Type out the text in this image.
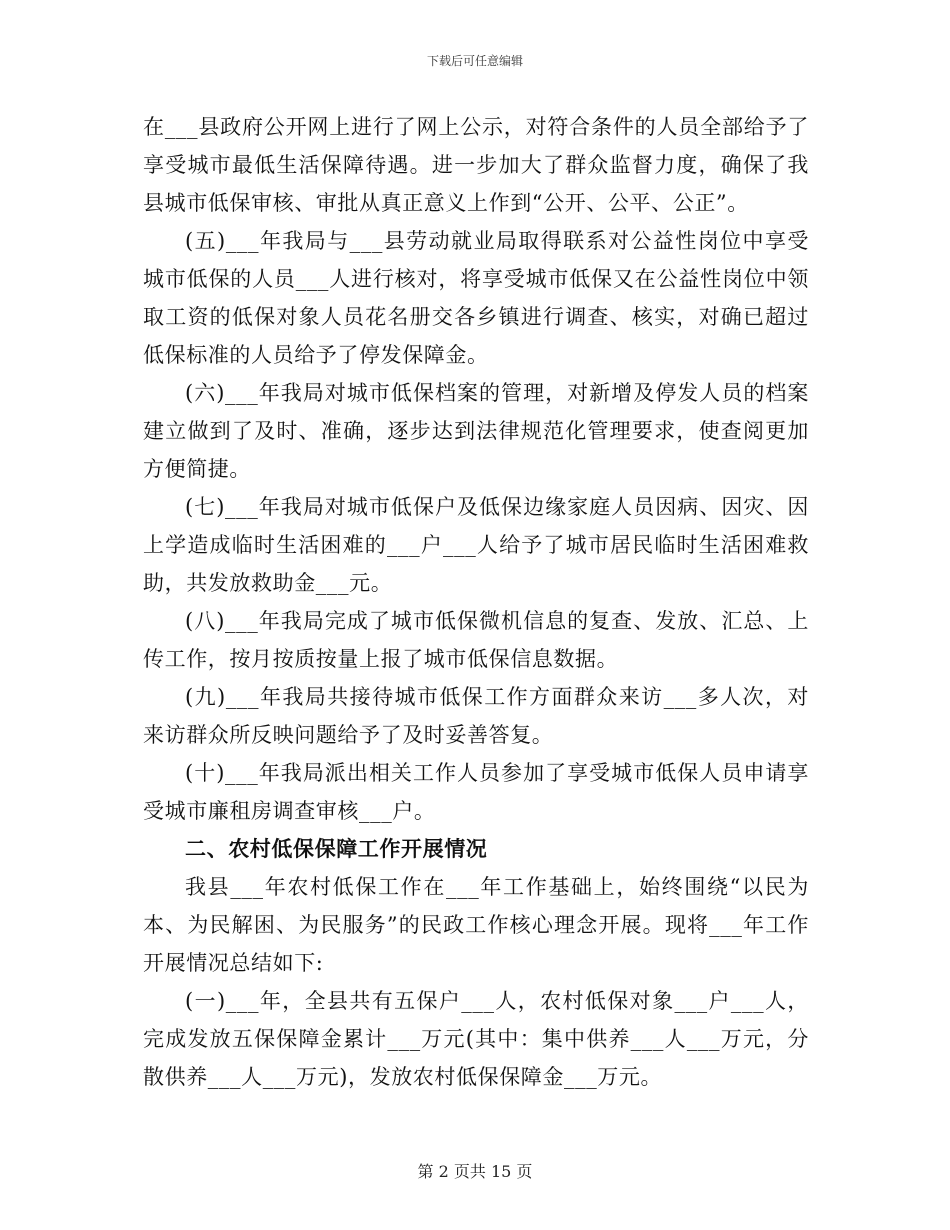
下载后可任意编辑

在___县政府公开网上进行了网上公示，对符合条件的人员全部给予了享受城市最低生活保障待遇。进一步加大了群众监督力度，确保了我县城市低保审核、审批从真正意义上作到“公开、公平、公正”。

(五)___年我局与___县劳动就业局取得联系对公益性岗位中享受城市低保的人员___人进行核对，将享受城市低保又在公益性岗位中领取工资的低保对象人员花名册交各乡镇进行调查、核实，对确已超过低保标准的人员给予了停发保障金。

(六)___年我局对城市低保档案的管理，对新增及停发人员的档案建立做到了及时、准确，逐步达到法律规范化管理要求，使查阅更加方便简捷。

(七)___年我局对城市低保户及低保边缘家庭人员因病、因灾、因上学造成临时生活困难的___户___人给予了城市居民临时生活困难救助，共发放救助金___元。

(八)___年我局完成了城市低保微机信息的复查、发放、汇总、上传工作，按月按质按量上报了城市低保信息数据。

(九)___年我局共接待城市低保工作方面群众来访___多人次，对来访群众所反映问题给予了及时妥善答复。

(十)___年我局派出相关工作人员参加了享受城市低保人员申请享受城市廉租房调查审核___户。

二、农村低保保障工作开展情况

我县___年农村低保工作在___年工作基础上，始终围绕“以民为本、为民解困、为民服务”的民政工作核心理念开展。现将___年工作开展情况总结如下:

(一)___年，全县共有五保户___人，农村低保对象___户___人，完成发放五保保障金累计___万元(其中：集中供养___人___万元，分散供养___人___万元)，发放农村低保保障金___万元。

第 2 页共 15 页
